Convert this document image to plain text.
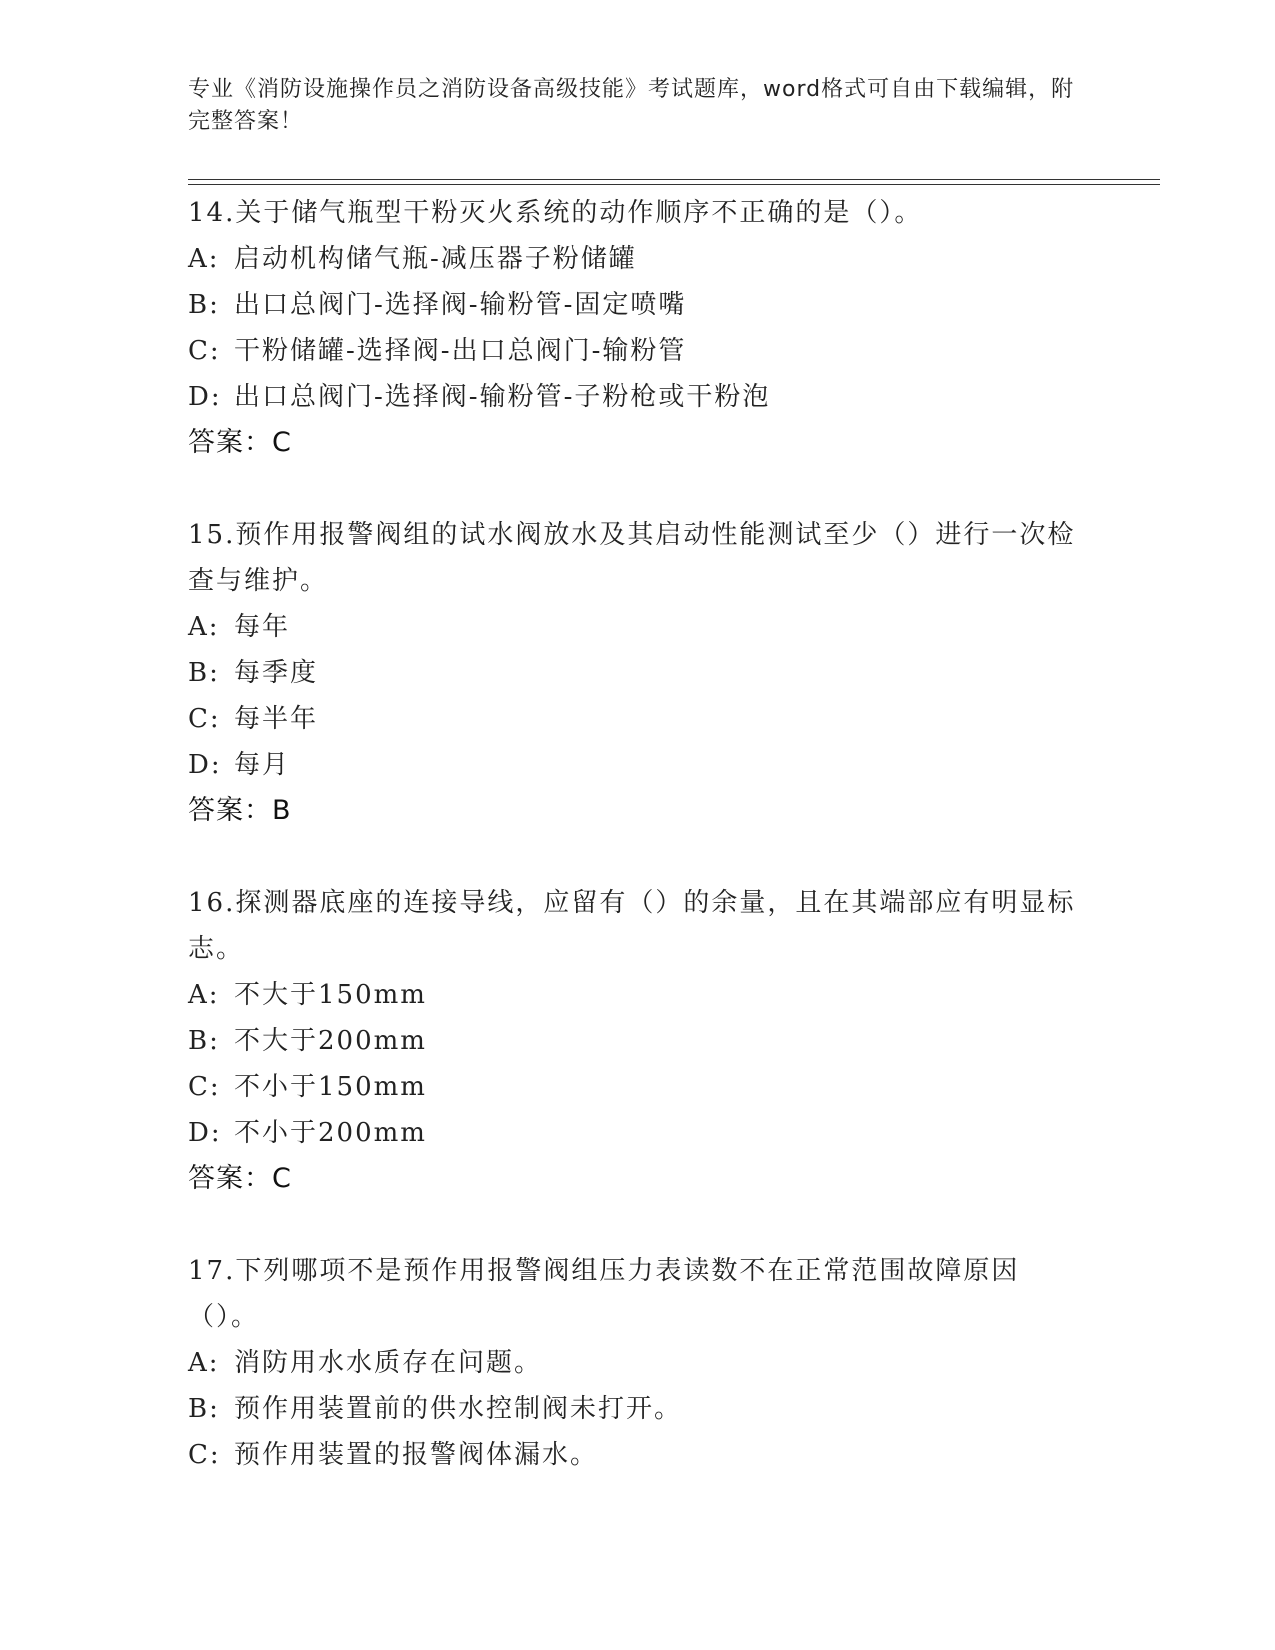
专业《消防设施操作员之消防设备高级技能》考试题库，word格式可自由下载编辑，附完整答案！
14.关于储气瓶型干粉灭火系统的动作顺序不正确的是（）。
A: 启动机构储气瓶-减压器子粉储罐
B: 出口总阀门-选择阀-输粉管-固定喷嘴
C: 干粉储罐-选择阀-出口总阀门-输粉管
D: 出口总阀门-选择阀-输粉管-子粉枪或干粉泡
答案：C
15.预作用报警阀组的试水阀放水及其启动性能测试至少（）进行一次检查与维护。
A: 每年
B: 每季度
C: 每半年
D: 每月
答案：B
16.探测器底座的连接导线，应留有（）的余量，且在其端部应有明显标志。
A: 不大于150mm
B: 不大于200mm
C: 不小于150mm
D: 不小于200mm
答案：C
17.下列哪项不是预作用报警阀组压力表读数不在正常范围故障原因（）。
A: 消防用水水质存在问题。
B: 预作用装置前的供水控制阀未打开。
C: 预作用装置的报警阀体漏水。
